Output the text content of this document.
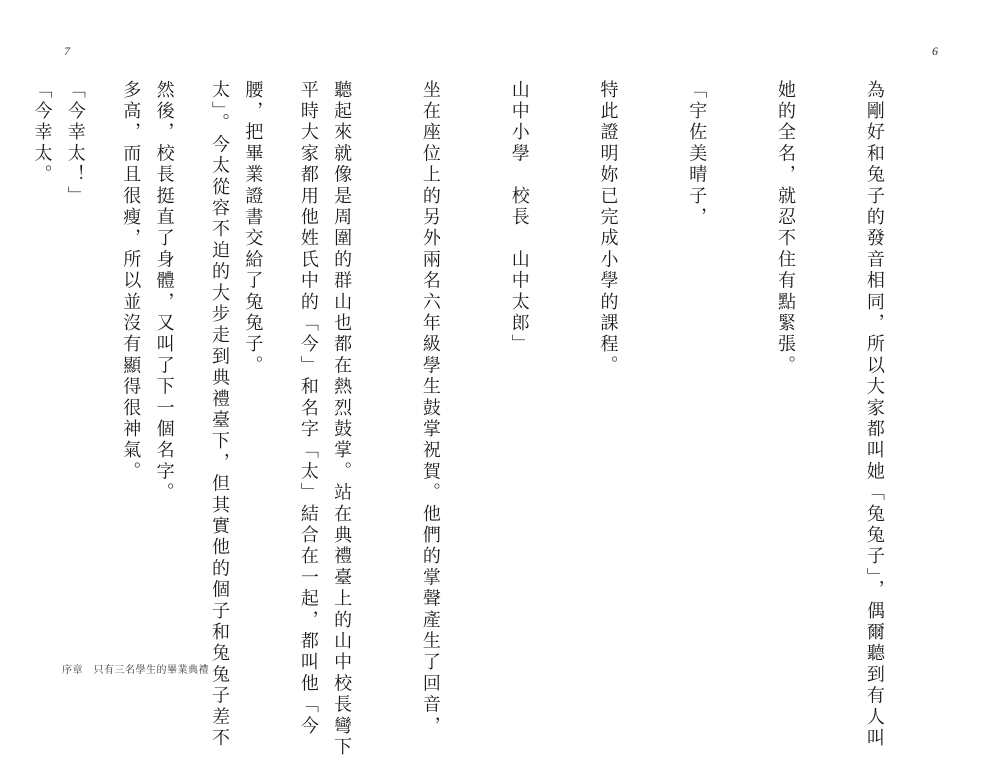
7

平時大家都用他姓氏中的「今」和名字「太」結合在一起，都叫他「今

太」。今太從容不迫的大步走到典禮臺下，但其實他的個子和兔兔子差不

多高，而且很瘦，所以並沒有顯得很神氣。

「今幸太。

序章　只有三名學生的畢業典禮
6

為剛好和兔子的發音相同，所以大家都叫她「兔兔子」，偶爾聽到有人叫

她的全名，就忍不住有點緊張。

「宇佐美晴子，

特此證明妳已完成小學的課程。

山中小學　校長　山中太郎」

坐在座位上的另外兩名六年級學生鼓掌祝賀。他們的掌聲產生了回音，

聽起來就像是周圍的群山也都在熱烈鼓掌。站在典禮臺上的山中校長彎下

腰，把畢業證書交給了兔兔子。

然後，校長挺直了身體，又叫了下一個名字。

「今幸太！」
